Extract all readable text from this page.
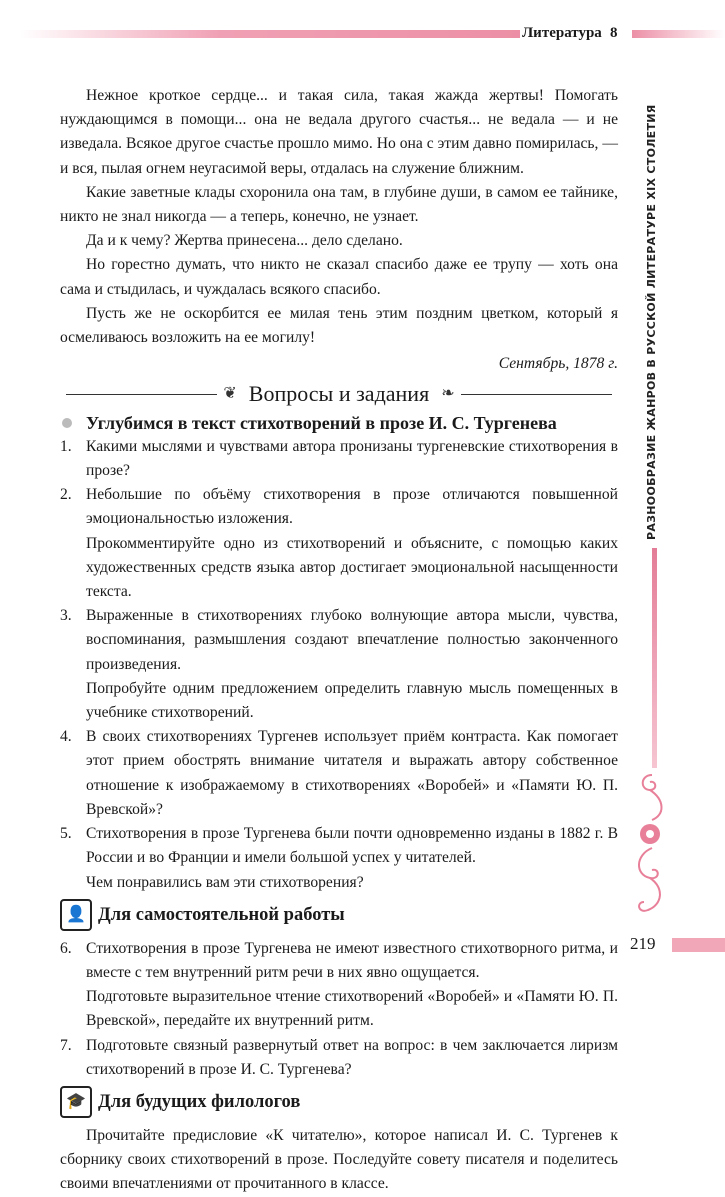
Литература 8

Нежное кроткое сердце... и такая сила, такая жажда жертвы! Помогать нуждающимся в помощи... она не ведала другого счастья... не ведала — и не изведала. Всякое другое счастье прошло мимо. Но она с этим давно помирилась, — и вся, пылая огнем неугасимой веры, отдалась на служение ближним.

Какие заветные клады схоронила она там, в глубине души, в самом ее тайнике, никто не знал никогда — а теперь, конечно, не узнает.

Да и к чему? Жертва принесена... дело сделано.

Но горестно думать, что никто не сказал спасибо даже ее трупу — хоть она сама и стыдилась, и чуждалась всякого спасибо.

Пусть же не оскорбится ее милая тень этим поздним цветком, который я осмеливаюсь возложить на ее могилу!

Сентябрь, 1878 г.
❦ Вопросы и задания ❧
Углубимся в текст стихотворений в прозе И. С. Тургенева
1. Какими мыслями и чувствами автора пронизаны тургеневские стихотворения в прозе?
2. Небольшие по объёму стихотворения в прозе отличаются повышенной эмоциональностью изложения.
Прокомментируйте одно из стихотворений и объясните, с помощью каких художественных средств языка автор достигает эмоциональной насыщенности текста.
3. Выраженные в стихотворениях глубоко волнующие автора мысли, чувства, воспоминания, размышления создают впечатление полностью законченного произведения.
Попробуйте одним предложением определить главную мысль помещенных в учебнике стихотворений.
4. В своих стихотворениях Тургенев использует приём контраста. Как помогает этот прием обострять внимание читателя и выражать автору собственное отношение к изображаемому в стихотворениях «Воробей» и «Памяти Ю. П. Вревской»?
5. Стихотворения в прозе Тургенева были почти одновременно изданы в 1882 г. В России и во Франции и имели большой успех у читателей.
Чем понравились вам эти стихотворения?
👤 Для самостоятельной работы
6. Стихотворения в прозе Тургенева не имеют известного стихотворного ритма, и вместе с тем внутренний ритм речи в них явно ощущается.
Подготовьте выразительное чтение стихотворений «Воробей» и «Памяти Ю. П. Вревской», передайте их внутренний ритм.
7. Подготовьте связный развернутый ответ на вопрос: в чем заключается лиризм стихотворений в прозе И. С. Тургенева?
🎓 Для будущих филологов

Прочитайте предисловие «К читателю», которое написал И. С. Тургенев к сборнику своих стихотворений в прозе. Последуйте совету писателя и поделитесь своими впечатлениями от прочитанного в классе.

РАЗНООБРАЗИЕ ЖАНРОВ В РУССКОЙ ЛИТЕРАТУРЕ XIX СТОЛЕТИЯ
219
